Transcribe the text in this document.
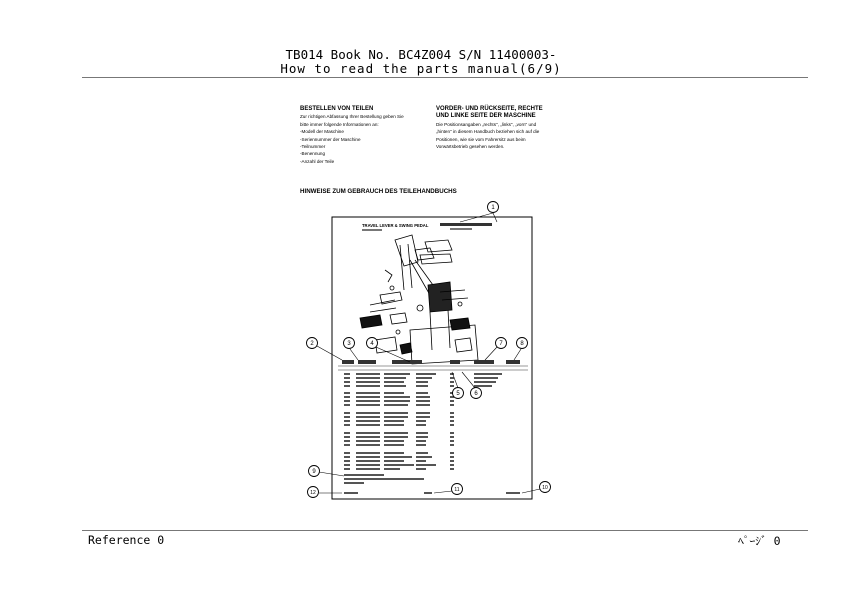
TB014 Book No. BC4Z004 S/N 11400003-
How to read the parts manual(6/9)
BESTELLEN VON TEILEN
Zur richtigen Abfassung Ihrer Bestellung geben Sie
bitte immer folgende Informationen an:
-Modell der Maschine
-Seriennummer der Maschine
-Teilnummer
-Benennung
-Anzahl der Teile
VORDER- UND RÜCKSEITE, RECHTE
UND LINKE SEITE DER MASCHINE
Die Positionsangaben „rechts", „links", „vorn" und
„hinten" in diesem Handbuch beziehen sich auf die
Positionen, wie sie vom Fahrersitz aus beim
Vorwärtsbetrieb gesehen werden.
HINWEISE ZUM GEBRAUCH DES TEILEHANDBUCHS
TRAVEL LEVER & SWING PEDAL
1
2	3	4
5 6
7	8
9
10
11
12
Reference 0	ﾍﾟｰｼﾞ 0
